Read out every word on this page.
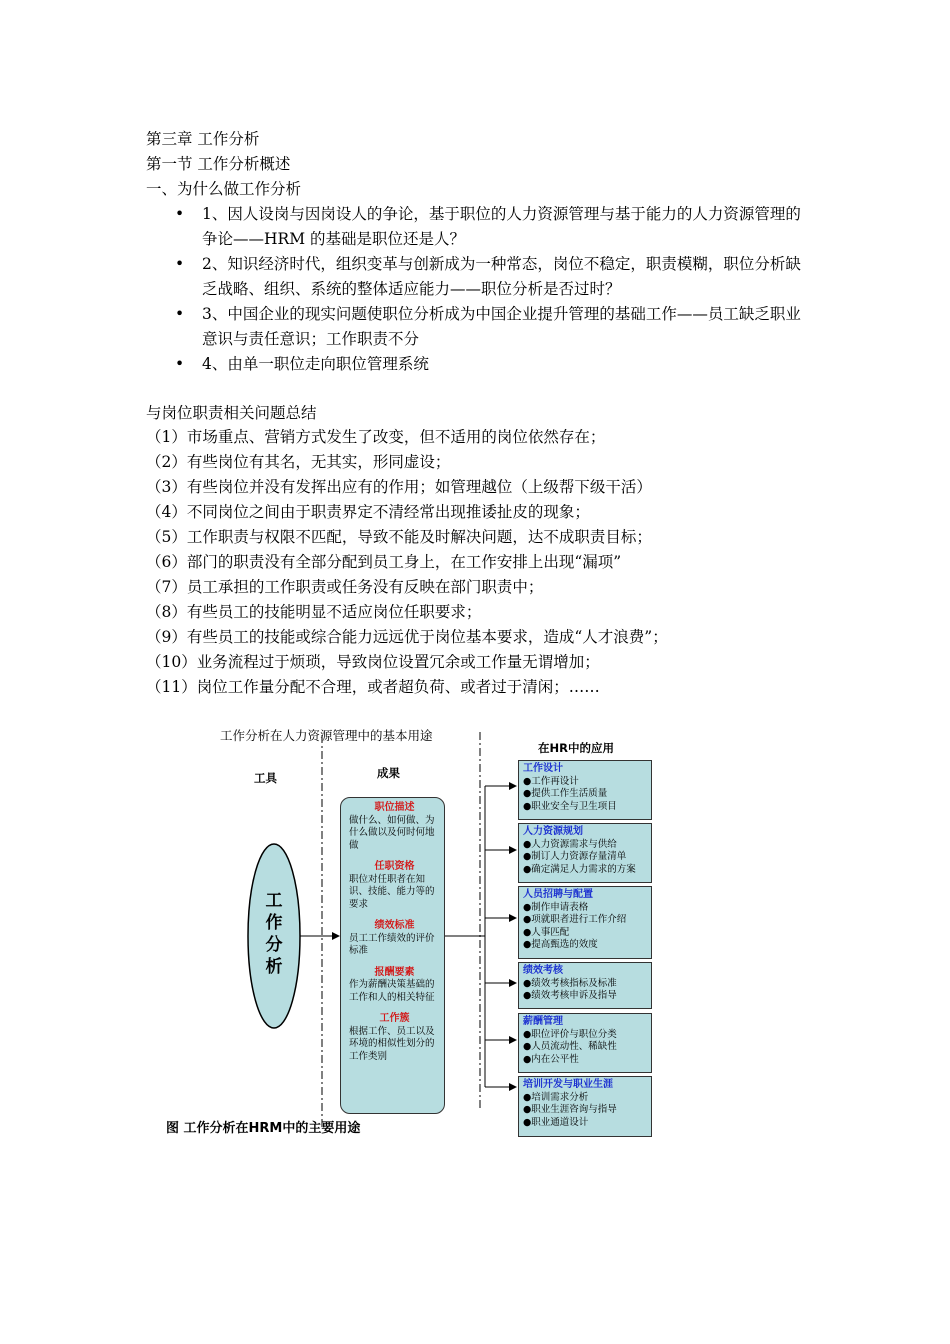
第三章 工作分析
第一节 工作分析概述
一、为什么做工作分析
•	1、因人设岗与因岗设人的争论，基于职位的人力资源管理与基于能力的人力资源管理的争论——HRM 的基础是职位还是人？
•	2、知识经济时代，组织变革与创新成为一种常态，岗位不稳定，职责模糊，职位分析缺乏战略、组织、系统的整体适应能力——职位分析是否过时？
•	3、中国企业的现实问题使职位分析成为中国企业提升管理的基础工作——员工缺乏职业意识与责任意识；工作职责不分
•	4、由单一职位走向职位管理系统
与岗位职责相关问题总结
（1）市场重点、营销方式发生了改变，但不适用的岗位依然存在；
（2）有些岗位有其名，无其实，形同虚设；
（3）有些岗位并没有发挥出应有的作用；如管理越位（上级帮下级干活）
（4）不同岗位之间由于职责界定不清经常出现推诿扯皮的现象；
（5）工作职责与权限不匹配，导致不能及时解决问题，达不成职责目标；
（6）部门的职责没有全部分配到员工身上，在工作安排上出现“漏项”
（7）员工承担的工作职责或任务没有反映在部门职责中；
（8）有些员工的技能明显不适应岗位任职要求；
（9）有些员工的技能或综合能力远远优于岗位基本要求，造成“人才浪费”；
（10）业务流程过于烦琐，导致岗位设置冗余或工作量无谓增加；
（11）岗位工作量分配不合理，或者超负荷、或者过于清闲；……
工作分析在人力资源管理中的基本用途
工具	成果
在HR中的应用
工
作
分
析
职位描述
做什么、如何做、为什么做以及何时何地做
任职资格
职位对任职者在知识、技能、能力等的要求
绩效标准
员工工作绩效的评价标准
报酬要素
作为薪酬决策基础的工作和人的相关特征
工作簇
根据工作、员工以及环境的相似性划分的工作类别
工作设计
●工作再设计
●提供工作生活质量
●职业安全与卫生项目
人力资源规划
●人力资源需求与供给
●制订人力资源存量清单
●确定满足人力需求的方案
人员招聘与配置
●制作申请表格
●项就职者进行工作介绍
●人事匹配
●提高甄选的效度
绩效考核
●绩效考核指标及标准
●绩效考核申诉及指导
薪酬管理
●职位评价与职位分类
●人员流动性、稀缺性
●内在公平性
培训开发与职业生涯
●培训需求分析
●职业生涯咨询与指导
●职业通道设计
图 工作分析在HRM中的主要用途
